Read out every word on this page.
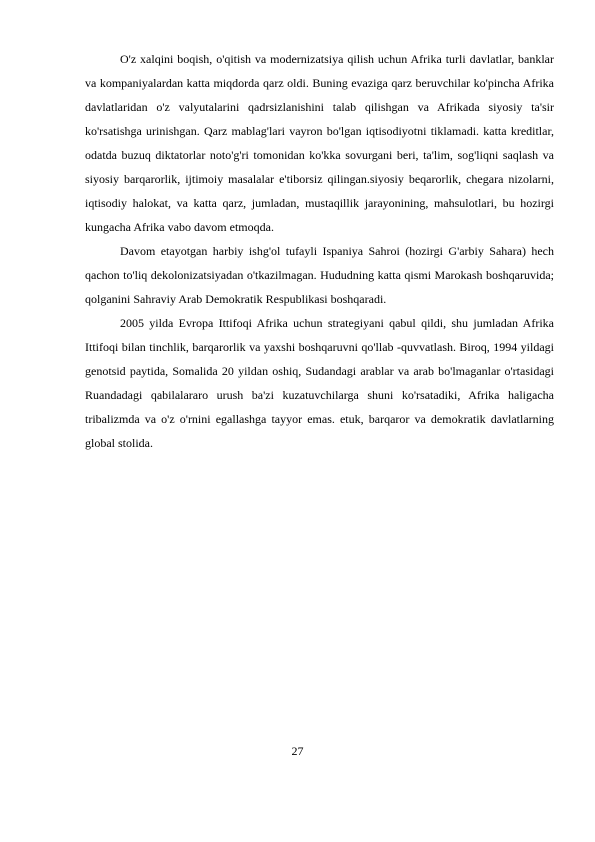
O'z xalqini boqish, o'qitish va modernizatsiya qilish uchun Afrika turli davlatlar, banklar va kompaniyalardan katta miqdorda qarz oldi. Buning evaziga qarz beruvchilar ko'pincha Afrika davlatlaridan o'z valyutalarini qadrsizlanishini talab qilishgan va Afrikada siyosiy ta'sir ko'rsatishga urinishgan. Qarz mablag'lari vayron bo'lgan iqtisodiyotni tiklamadi. katta kreditlar, odatda buzuq diktatorlar noto'g'ri tomonidan ko'kka sovurgani beri, ta'lim, sog'liqni saqlash va siyosiy barqarorlik, ijtimoiy masalalar e'tiborsiz qilingan.siyosiy beqarorlik, chegara nizolarni, iqtisodiy halokat, va katta qarz, jumladan, mustaqillik jarayonining, mahsulotlari, bu hozirgi kungacha Afrika vabo davom etmoqda.

Davom etayotgan harbiy ishg'ol tufayli Ispaniya Sahroi (hozirgi G'arbiy Sahara) hech qachon to'liq dekolonizatsiyadan o'tkazilmagan. Hududning katta qismi Marokash boshqaruvida; qolganini Sahraviy Arab Demokratik Respublikasi boshqaradi.

2005 yilda Evropa Ittifoqi Afrika uchun strategiyani qabul qildi, shu jumladan Afrika Ittifoqi bilan tinchlik, barqarorlik va yaxshi boshqaruvni qo'llab -quvvatlash. Biroq, 1994 yildagi genotsid paytida, Somalida 20 yildan oshiq, Sudandagi arablar va arab bo'lmaganlar o'rtasidagi Ruandadagi qabilalararo urush ba'zi kuzatuvchilarga shuni ko'rsatadiki, Afrika haligacha tribalizmda va o'z o'rnini egallashga tayyor emas. etuk, barqaror va demokratik davlatlarning global stolida.

27
